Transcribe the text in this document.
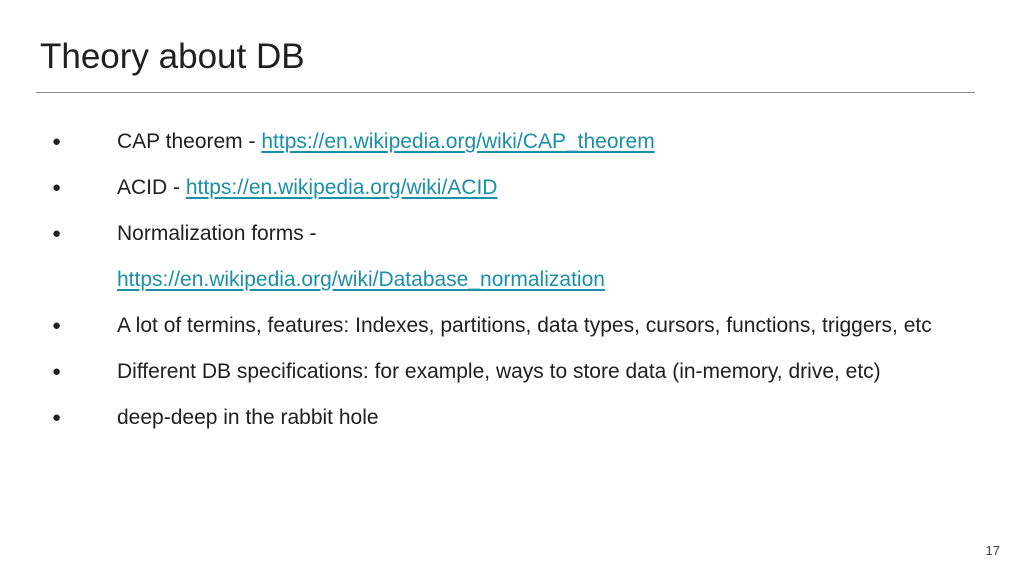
Theory about DB
●	CAP theorem - https://en.wikipedia.org/wiki/CAP_theorem
●	ACID - https://en.wikipedia.org/wiki/ACID
●	Normalization forms -
https://en.wikipedia.org/wiki/Database_normalization
●	A lot of termins, features: Indexes, partitions, data types, cursors, functions, triggers, etc
●	Different DB specifications: for example, ways to store data (in-memory, drive, etc)
●	deep-deep in the rabbit hole
17
